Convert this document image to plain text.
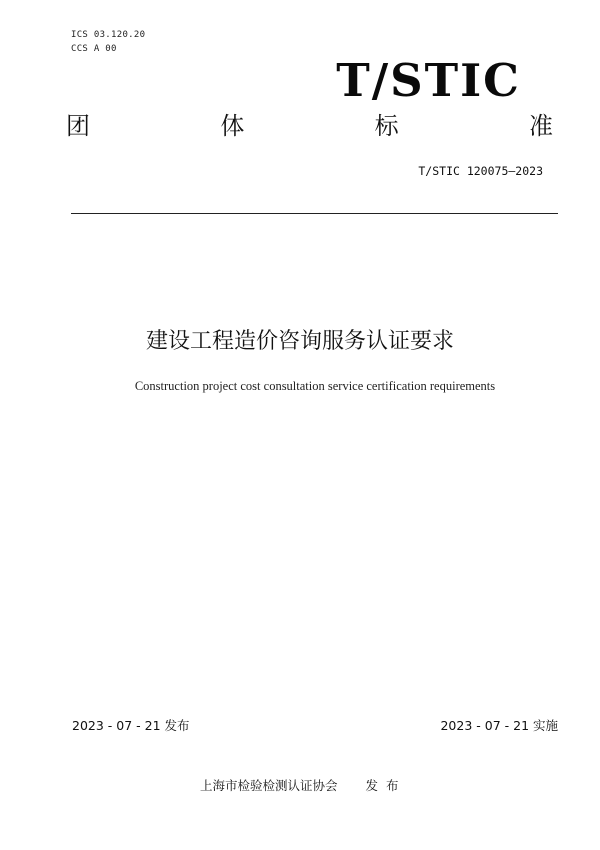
ICS 03.120.20
CCS A 00
T/STIC
团	体	标	准
T/STIC 120075—2023
建设工程造价咨询服务认证要求
Construction project cost consultation service certification requirements
2023 - 07 - 21 发布	2023 - 07 - 21 实施
上海市检验检测认证协会 发布
